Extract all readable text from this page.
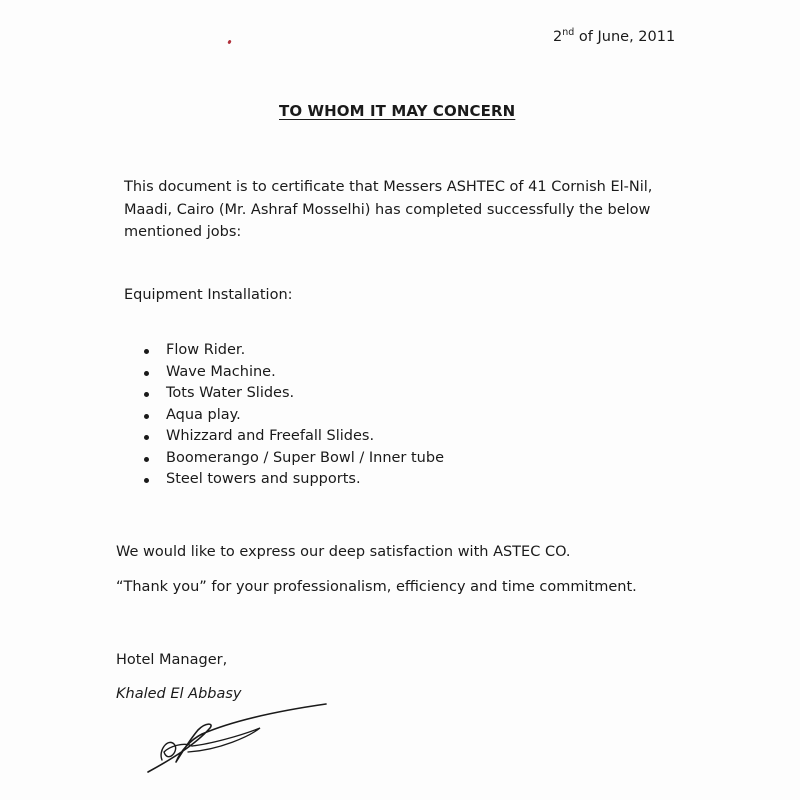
2nd of June, 2011
TO WHOM IT MAY CONCERN

This document is to certificate that Messers ASHTEC of 41 Cornish El-Nil, Maadi, Cairo (Mr. Ashraf Mosselhi) has completed successfully the below mentioned jobs:

Equipment Installation:
Flow Rider.
Wave Machine.
Tots Water Slides.
Aqua play.
Whizzard and Freefall Slides.
Boomerango / Super Bowl / Inner tube
Steel towers and supports.
We would like to express our deep satisfaction with ASTEC CO.
“Thank you” for your professionalism, efficiency and time commitment.
Hotel Manager,
Khaled El Abbasy
